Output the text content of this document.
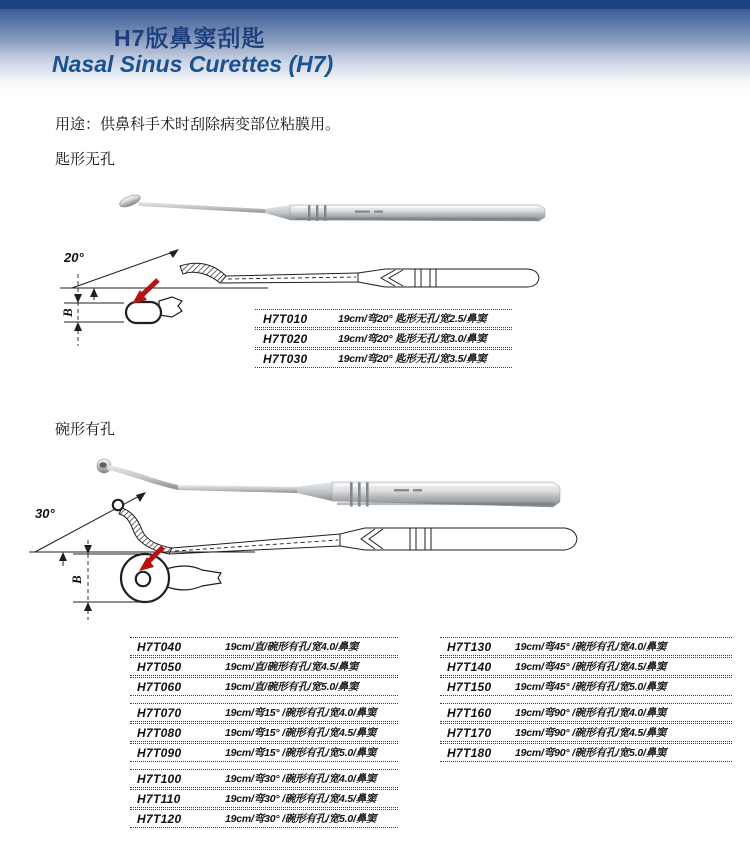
H7版鼻窦刮匙
Nasal Sinus Curettes (H7)
用途：供鼻科手术时刮除病变部位粘膜用。
匙形无孔
20°
B	H7T010	19cm/弯20° 匙形无孔/宽2.5/鼻窦
H7T020	19cm/弯20° 匙形无孔/宽3.0/鼻窦
H7T030	19cm/弯20° 匙形无孔/宽3.5/鼻窦
碗形有孔
30°
B
H7T040	19cm/直/碗形有孔/宽4.0/鼻窦
H7T050	19cm/直/碗形有孔/宽4.5/鼻窦
H7T060	19cm/直/碗形有孔/宽5.0/鼻窦
H7T070	19cm/弯15° /碗形有孔/宽4.0/鼻窦
H7T080	19cm/弯15° /碗形有孔/宽4.5/鼻窦
H7T090	19cm/弯15° /碗形有孔/宽5.0/鼻窦
H7T100	19cm/弯30° /碗形有孔/宽4.0/鼻窦
H7T110	19cm/弯30° /碗形有孔/宽4.5/鼻窦
H7T120	19cm/弯30° /碗形有孔/宽5.0/鼻窦
H7T130	19cm/弯45° /碗形有孔/宽4.0/鼻窦
H7T140	19cm/弯45° /碗形有孔/宽4.5/鼻窦
H7T150	19cm/弯45° /碗形有孔/宽5.0/鼻窦
H7T160	19cm/弯90° /碗形有孔/宽4.0/鼻窦
H7T170	19cm/弯90° /碗形有孔/宽4.5/鼻窦
H7T180	19cm/弯90° /碗形有孔/宽5.0/鼻窦
